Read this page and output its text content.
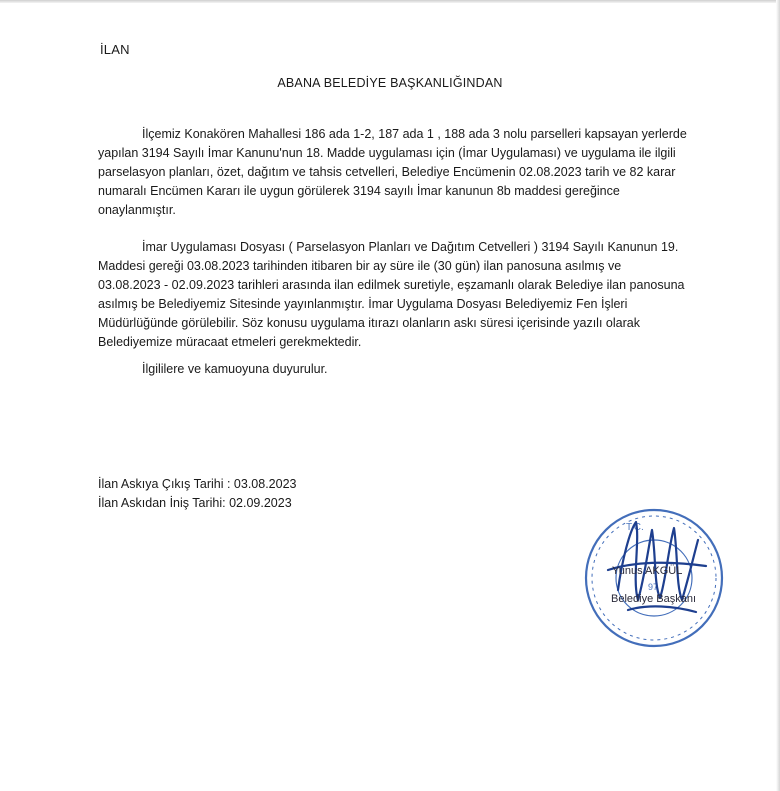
İLAN
ABANA BELEDİYE BAŞKANLIĞINDAN
İlçemiz Konakören Mahallesi 186 ada 1-2, 187 ada 1 , 188 ada 3 nolu parselleri kapsayan yerlerde
yapılan 3194 Sayılı İmar Kanunu'nun 18. Madde uygulaması için (İmar Uygulaması) ve uygulama ile ilgili
parselasyon planları, özet, dağıtım ve tahsis cetvelleri, Belediye Encümenin 02.08.2023 tarih ve 82 karar
numaralı Encümen Kararı ile uygun görülerek 3194 sayılı İmar kanunun 8b maddesi gereğince
onaylanmıştır.
İmar Uygulaması Dosyası ( Parselasyon Planları ve Dağıtım Cetvelleri ) 3194 Sayılı Kanunun 19.
Maddesi gereği 03.08.2023 tarihinden itibaren bir ay süre ile (30 gün) ilan panosuna asılmış ve
03.08.2023 - 02.09.2023 tarihleri arasında ilan edilmek suretiyle, eşzamanlı olarak Belediye ilan panosuna
asılmış be Belediyemiz Sitesinde yayınlanmıştır. İmar Uygulama Dosyası Belediyemiz Fen İşleri
Müdürlüğünde görülebilir. Söz konusu uygulama itırazı olanların askı süresi içerisinde yazılı olarak
Belediyemize müracaat etmeleri gerekmektedir.
İlgililere ve kamuoyuna duyurulur.
İlan Askıya Çıkış Tarihi : 03.08.2023
İlan Askıdan İniş Tarihi: 02.09.2023
T.C.
97
Yunus AKGÜL
Belediye Başkanı
